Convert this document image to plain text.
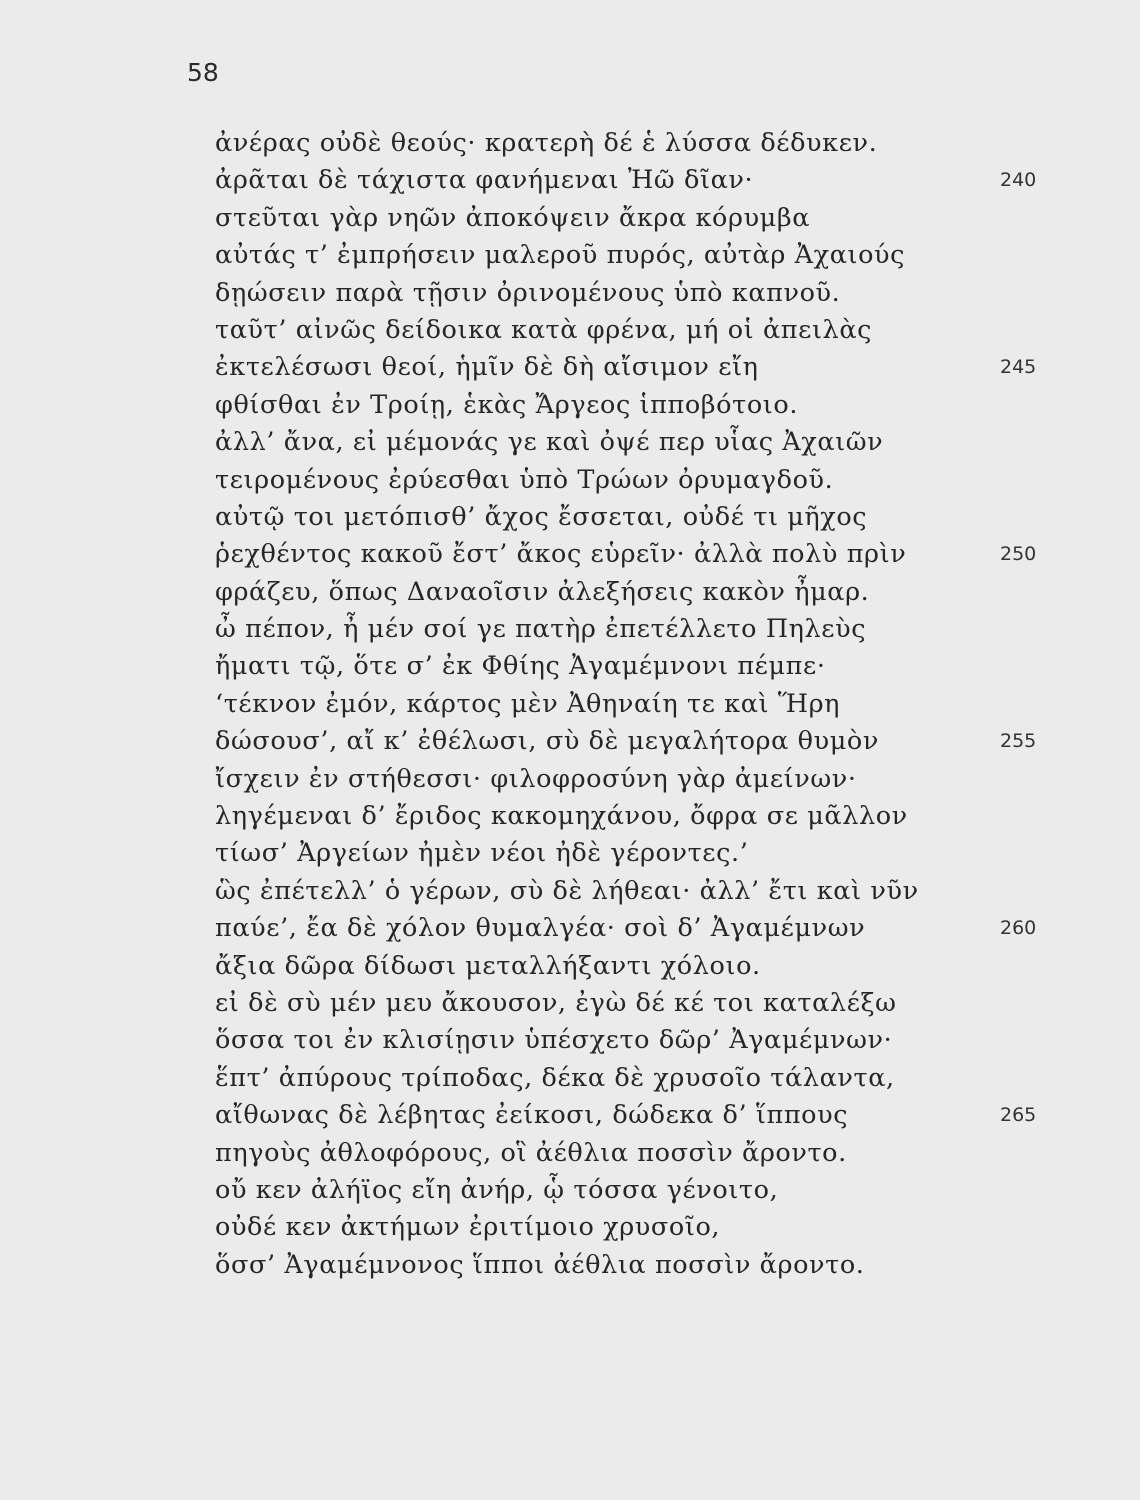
58
ἀνέρας οὐδὲ θεούς· κρατερὴ δέ ἑ λύσσα δέδυκεν.
ἀρᾶται δὲ τάχιστα φανήμεναι Ἠῶ δῖαν·	240
στεῦται γὰρ νηῶν ἀποκόψειν ἄκρα κόρυμβα
αὐτάς τ’ ἐμπρήσειν μαλεροῦ πυρός, αὐτὰρ Ἀχαιούς
δῃώσειν παρὰ τῇσιν ὀρινομένους ὑπὸ καπνοῦ.
ταῦτ’ αἰνῶς δείδοικα κατὰ φρένα, μή οἱ ἀπειλὰς
ἐκτελέσωσι θεοί, ἡμῖν δὲ δὴ αἴσιμον εἴη	245
φθίσθαι ἐν Τροίῃ, ἑκὰς Ἄργεος ἱπποβότοιο.
ἀλλ’ ἄνα, εἰ μέμονάς γε καὶ ὀψέ περ υἷας Ἀχαιῶν
τειρομένους ἐρύεσθαι ὑπὸ Τρώων ὀρυμαγδοῦ.
αὐτῷ τοι μετόπισθ’ ἄχος ἔσσεται, οὐδέ τι μῆχος
ῥεχθέντος κακοῦ ἔστ’ ἄκος εὑρεῖν· ἀλλὰ πολὺ πρὶν	250
φράζευ, ὅπως Δαναοῖσιν ἀλεξήσεις κακὸν ἦμαρ.
ὦ πέπον, ἦ μέν σοί γε πατὴρ ἐπετέλλετο Πηλεὺς
ἤματι τῷ, ὅτε σ’ ἐκ Φθίης Ἀγαμέμνονι πέμπε·
‘τέκνον ἐμόν, κάρτος μὲν Ἀθηναίη τε καὶ Ἥρη
δώσουσ’, αἴ κ’ ἐθέλωσι, σὺ δὲ μεγαλήτορα θυμὸν	255
ἴσχειν ἐν στήθεσσι· φιλοφροσύνη γὰρ ἀμείνων·
ληγέμεναι δ’ ἔριδος κακομηχάνου, ὄφρα σε μᾶλλον
τίωσ’ Ἀργείων ἠμὲν νέοι ἠδὲ γέροντες.’
ὣς ἐπέτελλ’ ὁ γέρων, σὺ δὲ λήθεαι· ἀλλ’ ἔτι καὶ νῦν
παύε’, ἔα δὲ χόλον θυμαλγέα· σοὶ δ’ Ἀγαμέμνων	260
ἄξια δῶρα δίδωσι μεταλλήξαντι χόλοιο.
εἰ δὲ σὺ μέν μευ ἄκουσον, ἐγὼ δέ κέ τοι καταλέξω
ὅσσα τοι ἐν κλισίῃσιν ὑπέσχετο δῶρ’ Ἀγαμέμνων·
ἕπτ’ ἀπύρους τρίποδας, δέκα δὲ χρυσοῖο τάλαντα,
αἴθωνας δὲ λέβητας ἐείκοσι, δώδεκα δ’ ἵππους	265
πηγοὺς ἀθλοφόρους, οἳ ἀέθλια ποσσὶν ἄροντο.
οὔ κεν ἀλήϊος εἴη ἀνήρ, ᾧ τόσσα γένοιτο,
οὐδέ κεν ἀκτήμων ἐριτίμοιο χρυσοῖο,
ὅσσ’ Ἀγαμέμνονος ἵπποι ἀέθλια ποσσὶν ἄροντο.
